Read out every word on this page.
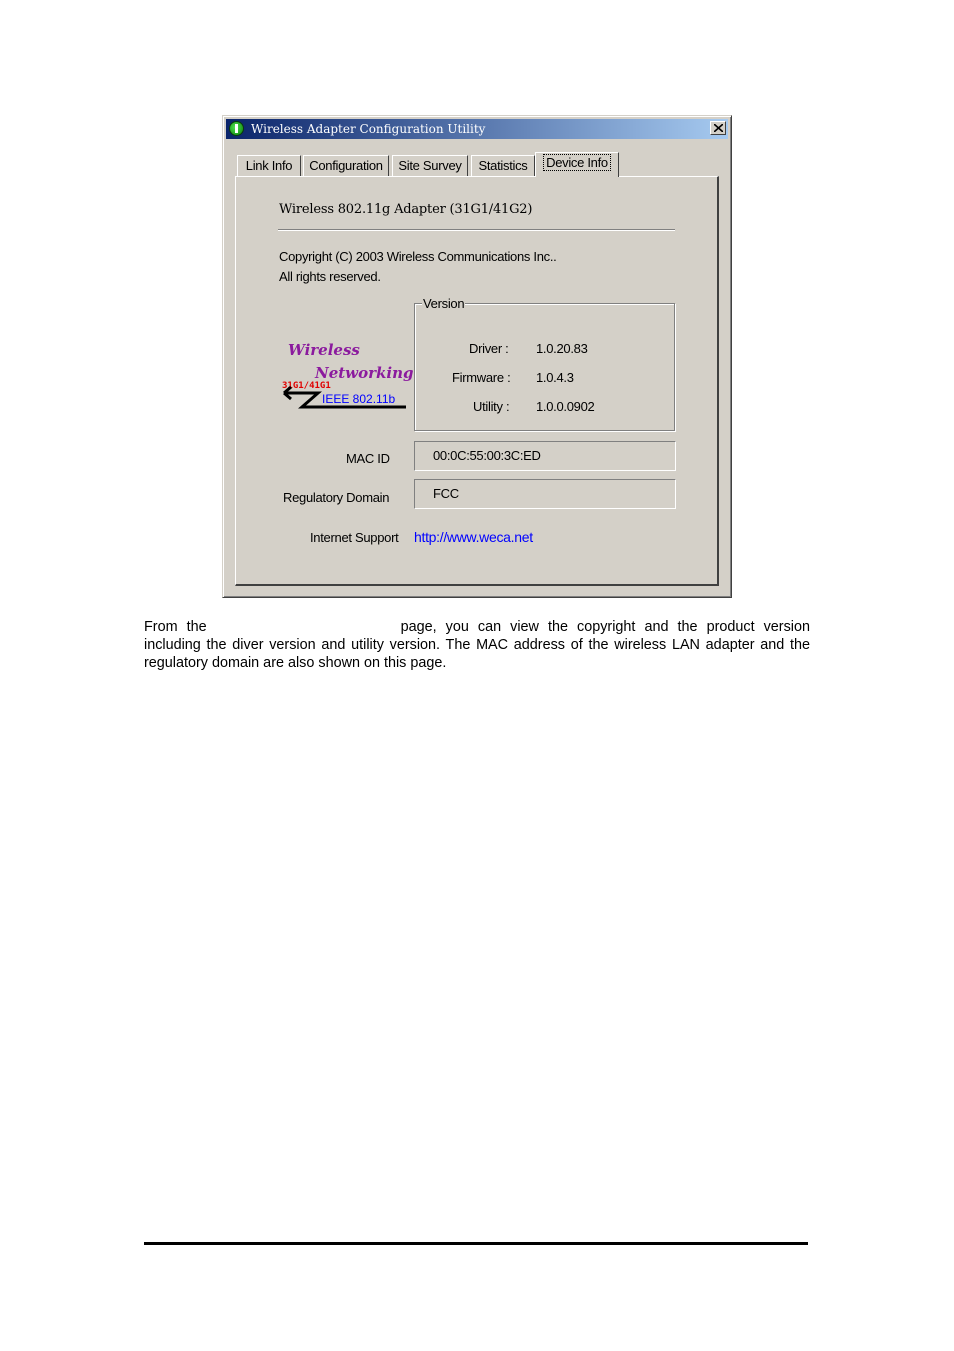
Wireless Adapter Configuration Utility
Link Info	Configuration	Site Survey	Statistics	Device Info
Wireless 802.11g Adapter (31G1/41G2)
Copyright (C) 2003 Wireless Communications Inc..
All rights reserved.
Wireless
Networking
31G1/41G1
IEEE 802.11b
Version
Driver : 1.0.20.83
Firmware : 1.0.4.3
Utility : 1.0.0.0902
MAC ID	00:0C:55:00:3C:ED
Regulatory Domain	FCC
Internet Support http://www.weca.net

From the	page, you can view the copyright and the product version including the diver version and utility version. The MAC address of the wireless LAN adapter and the regulatory domain are also shown on this page.
